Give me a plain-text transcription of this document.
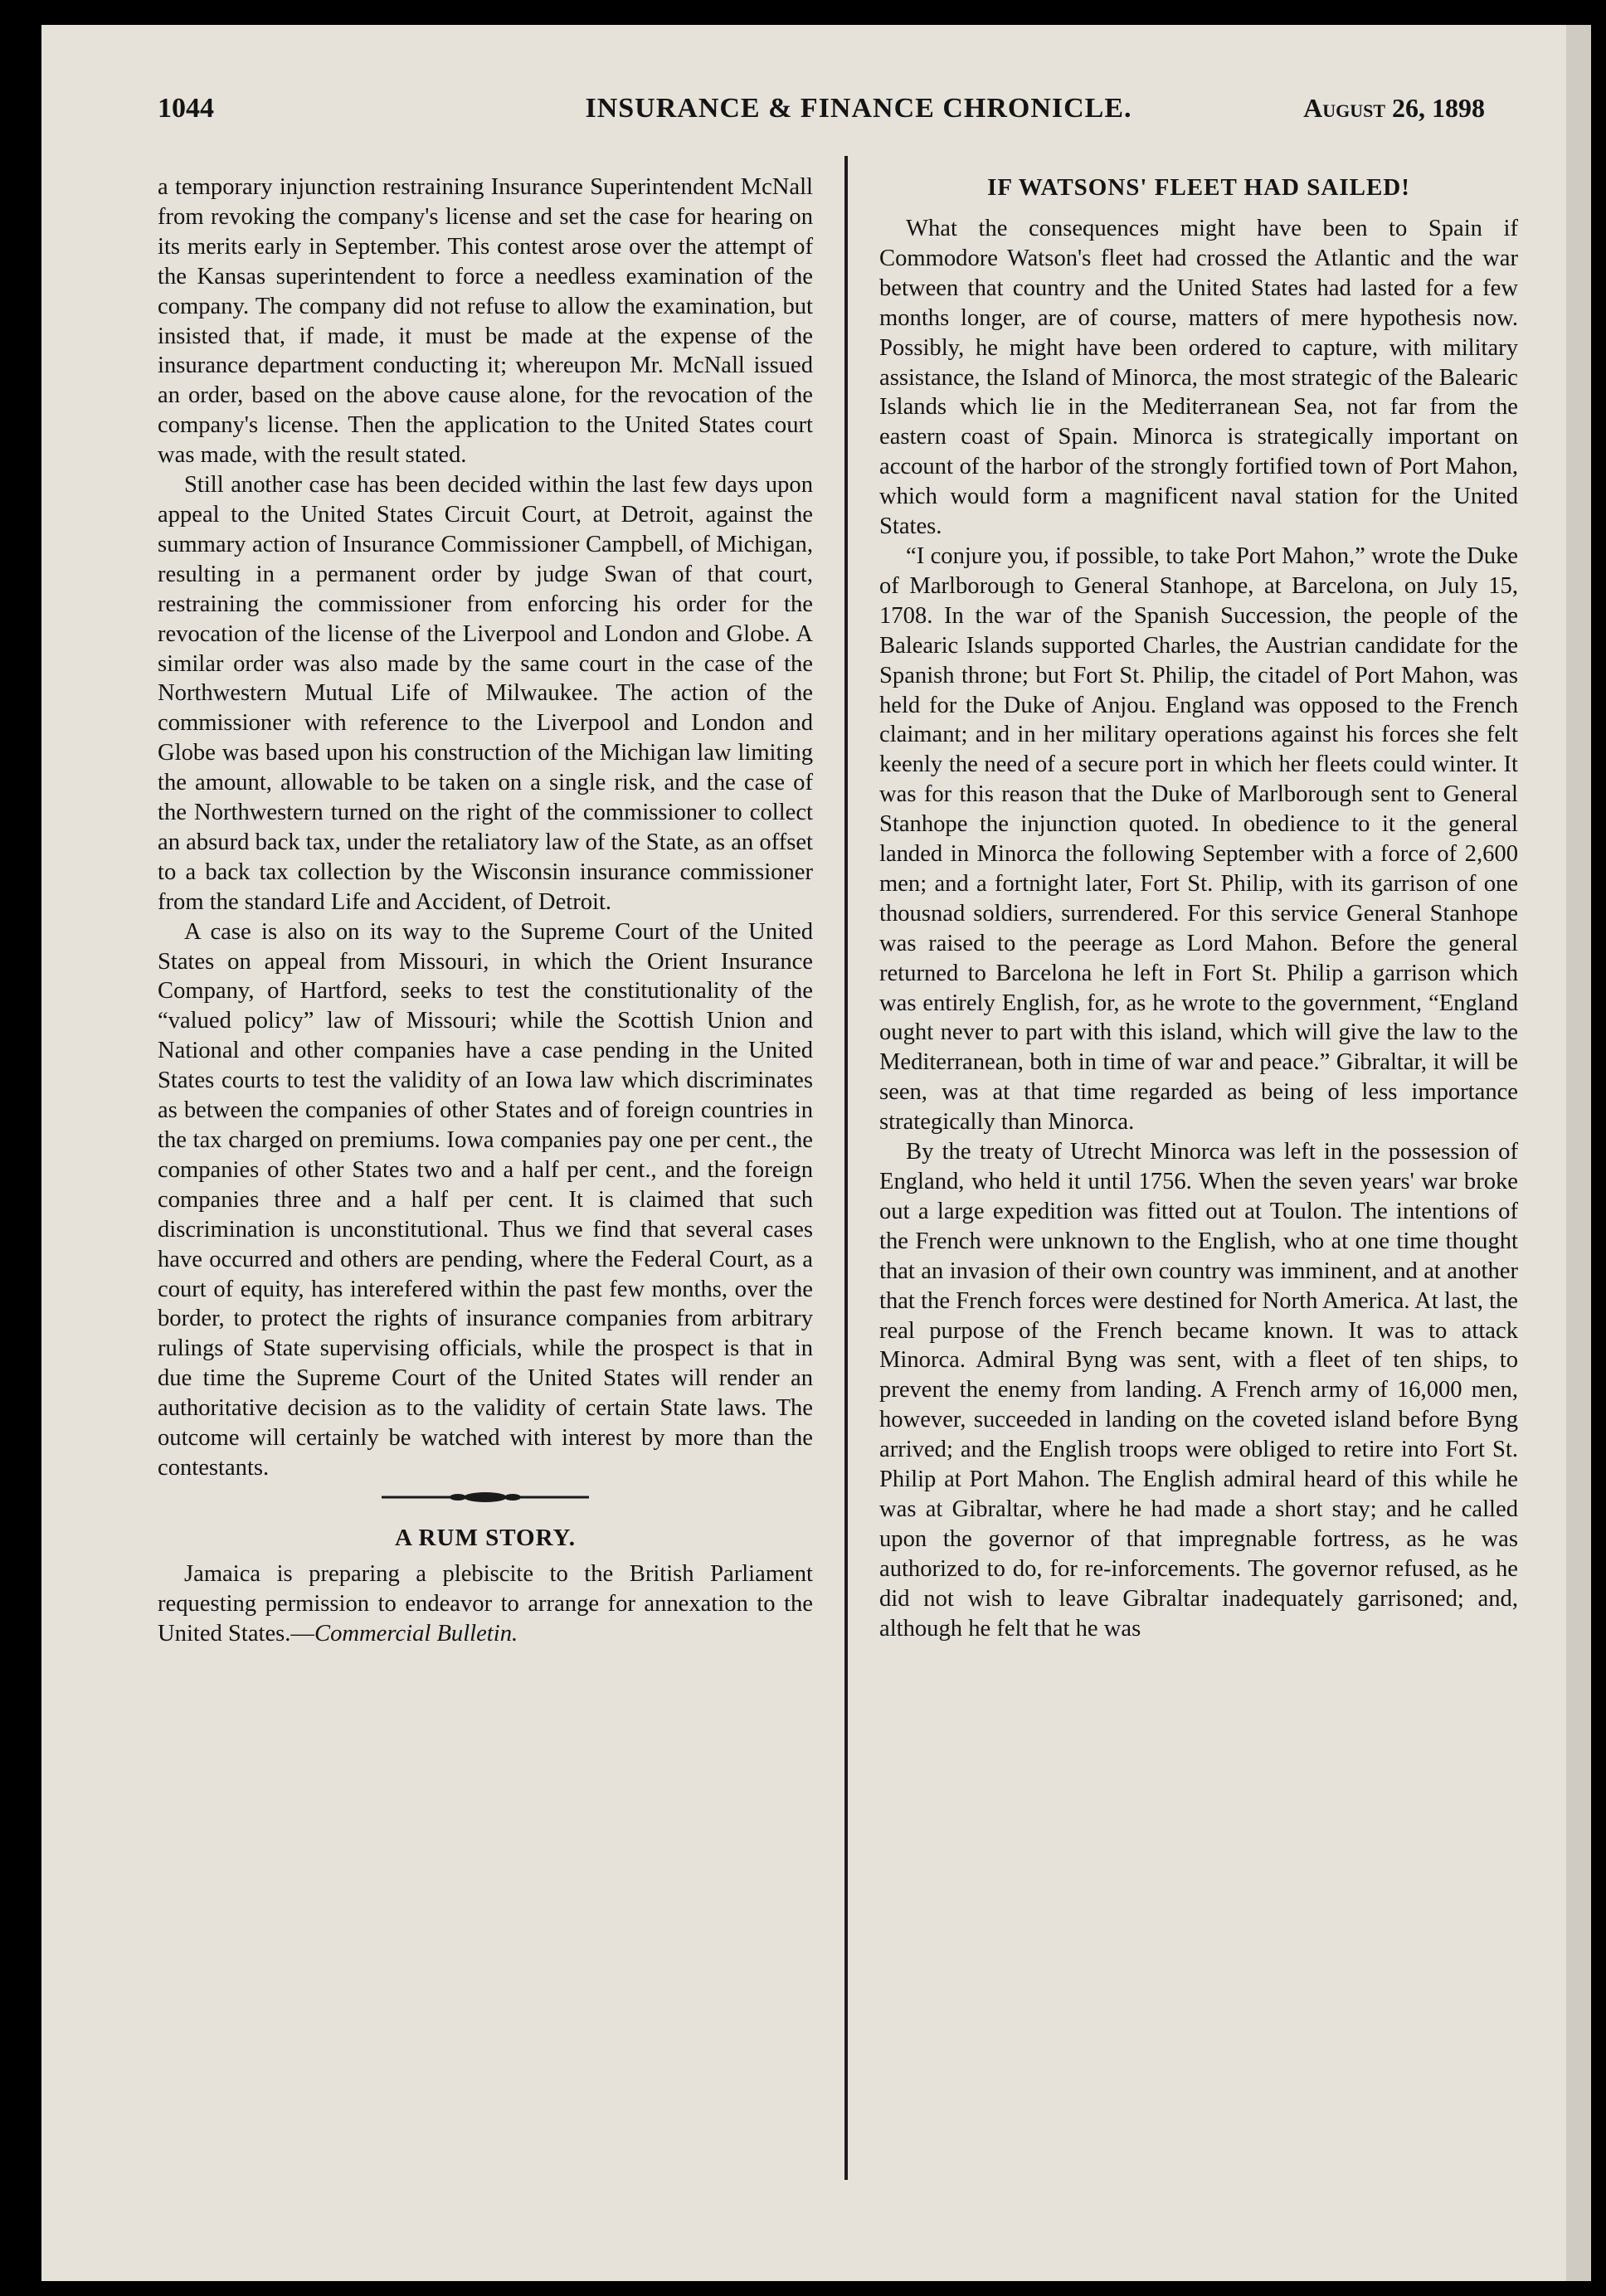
1044	INSURANCE & FINANCE CHRONICLE.	August 26, 1898

a temporary injunction restraining Insurance Superintendent McNall from revoking the company's license and set the case for hearing on its merits early in September. This contest arose over the attempt of the Kansas superintendent to force a needless examination of the company. The company did not refuse to allow the examination, but insisted that, if made, it must be made at the expense of the insurance department conducting it; whereupon Mr. McNall issued an order, based on the above cause alone, for the revocation of the company's license. Then the application to the United States court was made, with the result stated.

Still another case has been decided within the last few days upon appeal to the United States Circuit Court, at Detroit, against the summary action of Insurance Commissioner Campbell, of Michigan, resulting in a permanent order by judge Swan of that court, restraining the commissioner from enforcing his order for the revocation of the license of the Liverpool and London and Globe. A similar order was also made by the same court in the case of the Northwestern Mutual Life of Milwaukee. The action of the commissioner with reference to the Liverpool and London and Globe was based upon his construction of the Michigan law limiting the amount, allowable to be taken on a single risk, and the case of the Northwestern turned on the right of the commissioner to collect an absurd back tax, under the retaliatory law of the State, as an offset to a back tax collection by the Wisconsin insurance commissioner from the standard Life and Accident, of Detroit.

A case is also on its way to the Supreme Court of the United States on appeal from Missouri, in which the Orient Insurance Company, of Hartford, seeks to test the constitutionality of the “valued policy” law of Missouri; while the Scottish Union and National and other companies have a case pending in the United States courts to test the validity of an Iowa law which discriminates as between the companies of other States and of foreign countries in the tax charged on premiums. Iowa companies pay one per cent., the companies of other States two and a half per cent., and the foreign companies three and a half per cent. It is claimed that such discrimination is unconstitutional. Thus we find that several cases have occurred and others are pending, where the Federal Court, as a court of equity, has interefered within the past few months, over the border, to protect the rights of insurance companies from arbitrary rulings of State supervising officials, while the prospect is that in due time the Supreme Court of the United States will render an authoritative decision as to the validity of certain State laws. The outcome will certainly be watched with interest by more than the contestants.

A RUM STORY.

Jamaica is preparing a plebiscite to the British Parliament requesting permission to endeavor to arrange for annexation to the United States.—Commercial Bulletin.

IF WATSONS' FLEET HAD SAILED!

What the consequences might have been to Spain if Commodore Watson's fleet had crossed the Atlantic and the war between that country and the United States had lasted for a few months longer, are of course, matters of mere hypothesis now. Possibly, he might have been ordered to capture, with military assistance, the Island of Minorca, the most strategic of the Balearic Islands which lie in the Mediterranean Sea, not far from the eastern coast of Spain. Minorca is strategically important on account of the harbor of the strongly fortified town of Port Mahon, which would form a magnificent naval station for the United States.

“I conjure you, if possible, to take Port Mahon,” wrote the Duke of Marlborough to General Stanhope, at Barcelona, on July 15, 1708. In the war of the Spanish Succession, the people of the Balearic Islands supported Charles, the Austrian candidate for the Spanish throne; but Fort St. Philip, the citadel of Port Mahon, was held for the Duke of Anjou. England was opposed to the French claimant; and in her military operations against his forces she felt keenly the need of a secure port in which her fleets could winter. It was for this reason that the Duke of Marlborough sent to General Stanhope the injunction quoted. In obedience to it the general landed in Minorca the following September with a force of 2,600 men; and a fortnight later, Fort St. Philip, with its garrison of one thousnad soldiers, surrendered. For this service General Stanhope was raised to the peerage as Lord Mahon. Before the general returned to Barcelona he left in Fort St. Philip a garrison which was entirely English, for, as he wrote to the government, “England ought never to part with this island, which will give the law to the Mediterranean, both in time of war and peace.” Gibraltar, it will be seen, was at that time regarded as being of less importance strategically than Minorca.

By the treaty of Utrecht Minorca was left in the possession of England, who held it until 1756. When the seven years' war broke out a large expedition was fitted out at Toulon. The intentions of the French were unknown to the English, who at one time thought that an invasion of their own country was imminent, and at another that the French forces were destined for North America. At last, the real purpose of the French became known. It was to attack Minorca. Admiral Byng was sent, with a fleet of ten ships, to prevent the enemy from landing. A French army of 16,000 men, however, succeeded in landing on the coveted island before Byng arrived; and the English troops were obliged to retire into Fort St. Philip at Port Mahon. The English admiral heard of this while he was at Gibraltar, where he had made a short stay; and he called upon the governor of that impregnable fortress, as he was authorized to do, for re-inforcements. The governor refused, as he did not wish to leave Gibraltar inadequately garrisoned; and, although he felt that he was
